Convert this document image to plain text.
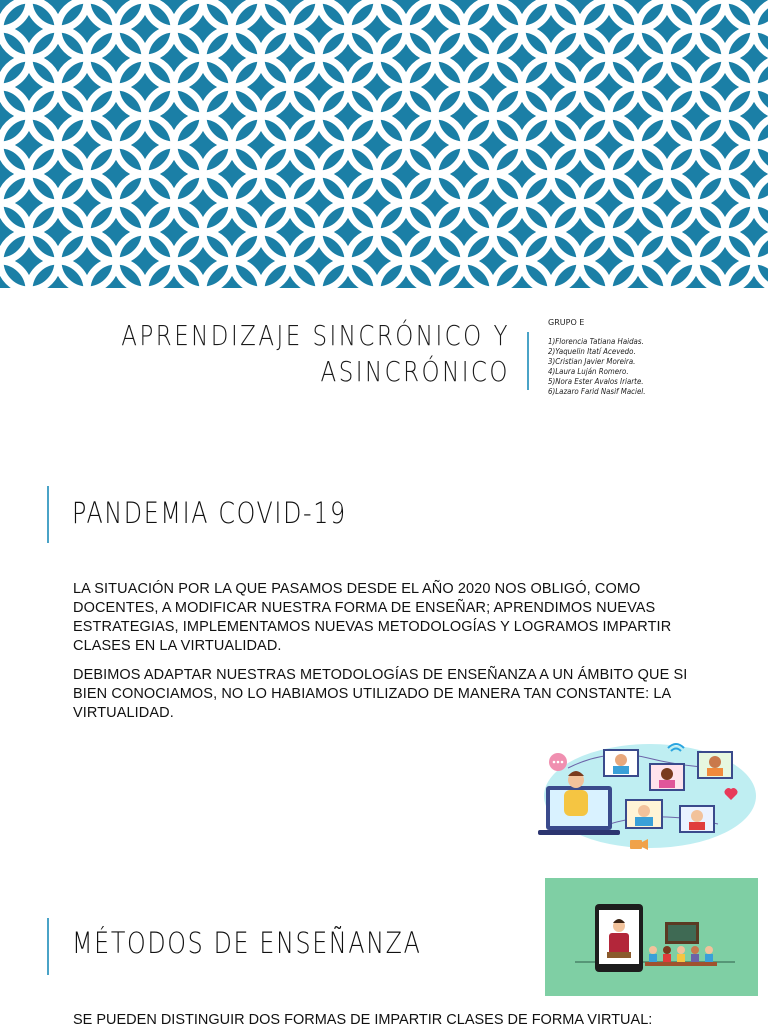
APRENDIZAJE SINCRÓNICO Y
ASINCRÓNICO
GRUPO E
1)Florencia Tatiana Haidas.
2)Yaquelin Itatí Acevedo.
3)Cristian Javier Moreira.
4)Laura Luján Romero.
5)Nora Ester Avalos Iriarte.
6)Lazaro Farid Nasif Maciel.
PANDEMIA COVID-19

LA SITUACIÓN POR LA QUE PASAMOS DESDE EL AÑO 2020 NOS OBLIGÓ, COMO DOCENTES, A MODIFICAR NUESTRA FORMA DE ENSEÑAR; APRENDIMOS NUEVAS ESTRATEGIAS, IMPLEMENTAMOS NUEVAS METODOLOGÍAS Y LOGRAMOS IMPARTIR CLASES EN LA VIRTUALIDAD.

DEBIMOS ADAPTAR NUESTRAS METODOLOGÍAS DE ENSEÑANZA A UN ÁMBITO QUE SI BIEN CONOCIAMOS, NO LO HABIAMOS UTILIZADO DE MANERA TAN CONSTANTE: LA VIRTUALIDAD.

MÉTODOS DE ENSEÑANZA
SE PUEDEN DISTINGUIR DOS FORMAS DE IMPARTIR CLASES DE FORMA VIRTUAL:
